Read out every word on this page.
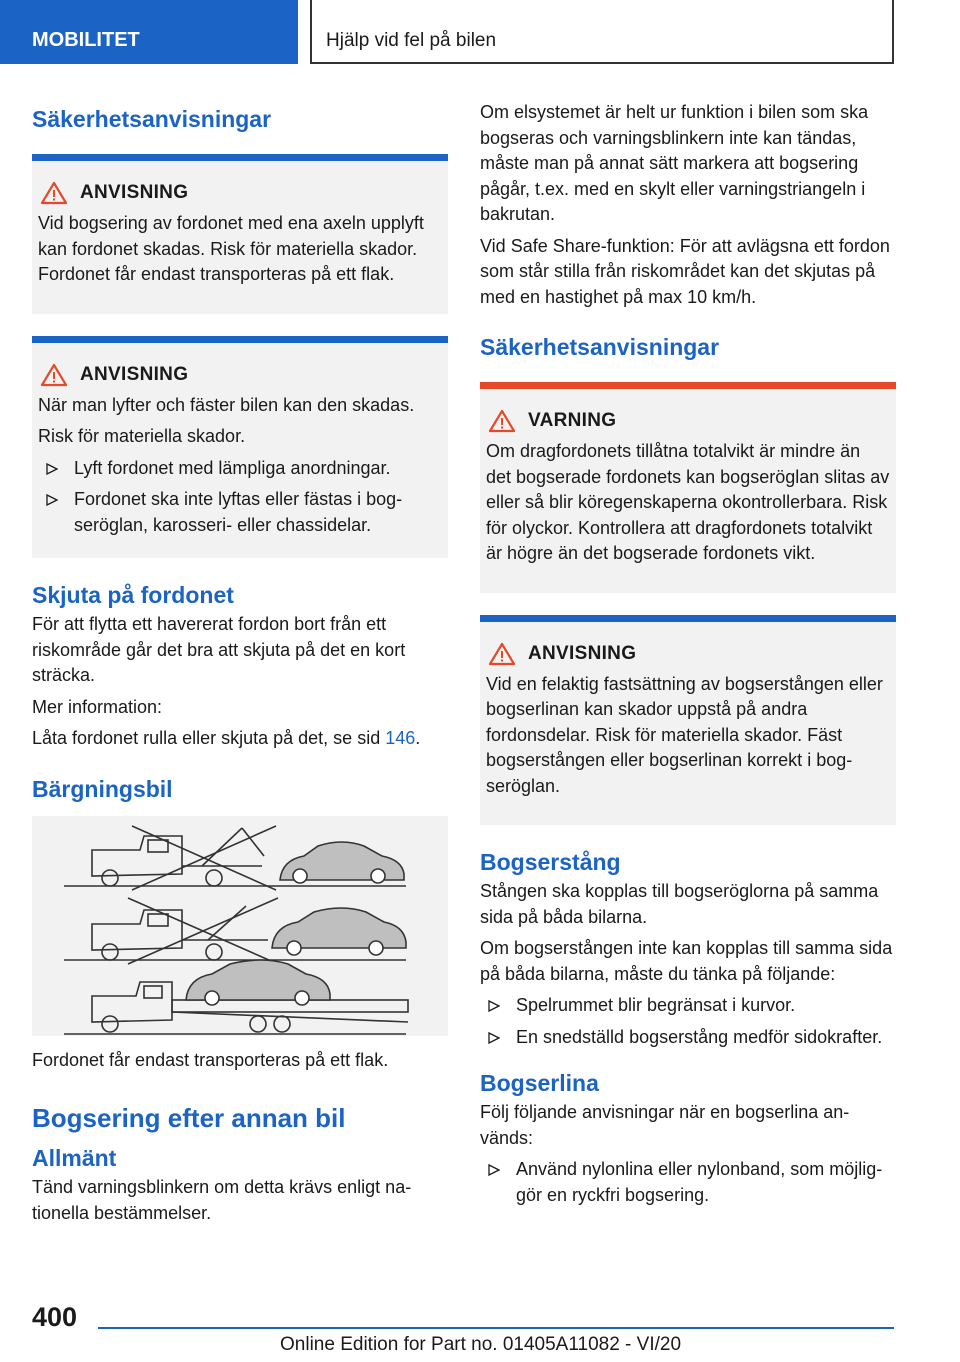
MOBILITET	Hjälp vid fel på bilen
Säkerhetsanvisningar
ANVISNING

Vid bogsering av fordonet med ena axeln upplyft kan fordonet skadas. Risk för materiella skador. Fordonet får endast transporteras på ett flak.

ANVISNING

När man lyfter och fäster bilen kan den skadas.

Risk för materiella skador.

Lyft fordonet med lämpliga anordningar.
Fordonet ska inte lyftas eller fästas i bogseröglan, karosseri- eller chassidelar.
Skjuta på fordonet

För att flytta ett havererat fordon bort från ett riskområde går det bra att skjuta på det en kort sträcka.

Mer information:

Låta fordonet rulla eller skjuta på det, se sid 146.

Bärgningsbil

Fordonet får endast transporteras på ett flak.

Bogsering efter annan bil
Allmänt

Tänd varningsblinkern om detta krävs enligt nationella bestämmelser.

Om elsystemet är helt ur funktion i bilen som ska bogseras och varningsblinkern inte kan tändas, måste man på annat sätt markera att bogsering pågår, t.ex. med en skylt eller varningstriangeln i bakrutan.

Vid Safe Share-funktion: För att avlägsna ett fordon som står stilla från riskområdet kan det skjutas på med en hastighet på max 10 km/h.

Säkerhetsanvisningar
VARNING

Om dragfordonets tillåtna totalvikt är mindre än det bogserade fordonets kan bogseröglan slitas av eller så blir köregenskaperna okontrollerbara. Risk för olyckor. Kontrollera att dragfordonets totalvikt är högre än det bogserade fordonets vikt.

ANVISNING

Vid en felaktig fastsättning av bogserstången eller bogserlinan kan skador uppstå på andra fordonsdelar. Risk för materiella skador. Fäst bogserstången eller bogserlinan korrekt i bogseröglan.

Bogserstång

Stången ska kopplas till bogseröglorna på samma sida på båda bilarna.

Om bogserstången inte kan kopplas till samma sida på båda bilarna, måste du tänka på följande:

Spelrummet blir begränsat i kurvor.
En snedställd bogserstång medför sidokrafter.
Bogserlina

Följ följande anvisningar när en bogserlina används:

Använd nylonlina eller nylonband, som möjliggör en ryckfri bogsering.
400
Online Edition for Part no. 01405A11082 - VI/20
